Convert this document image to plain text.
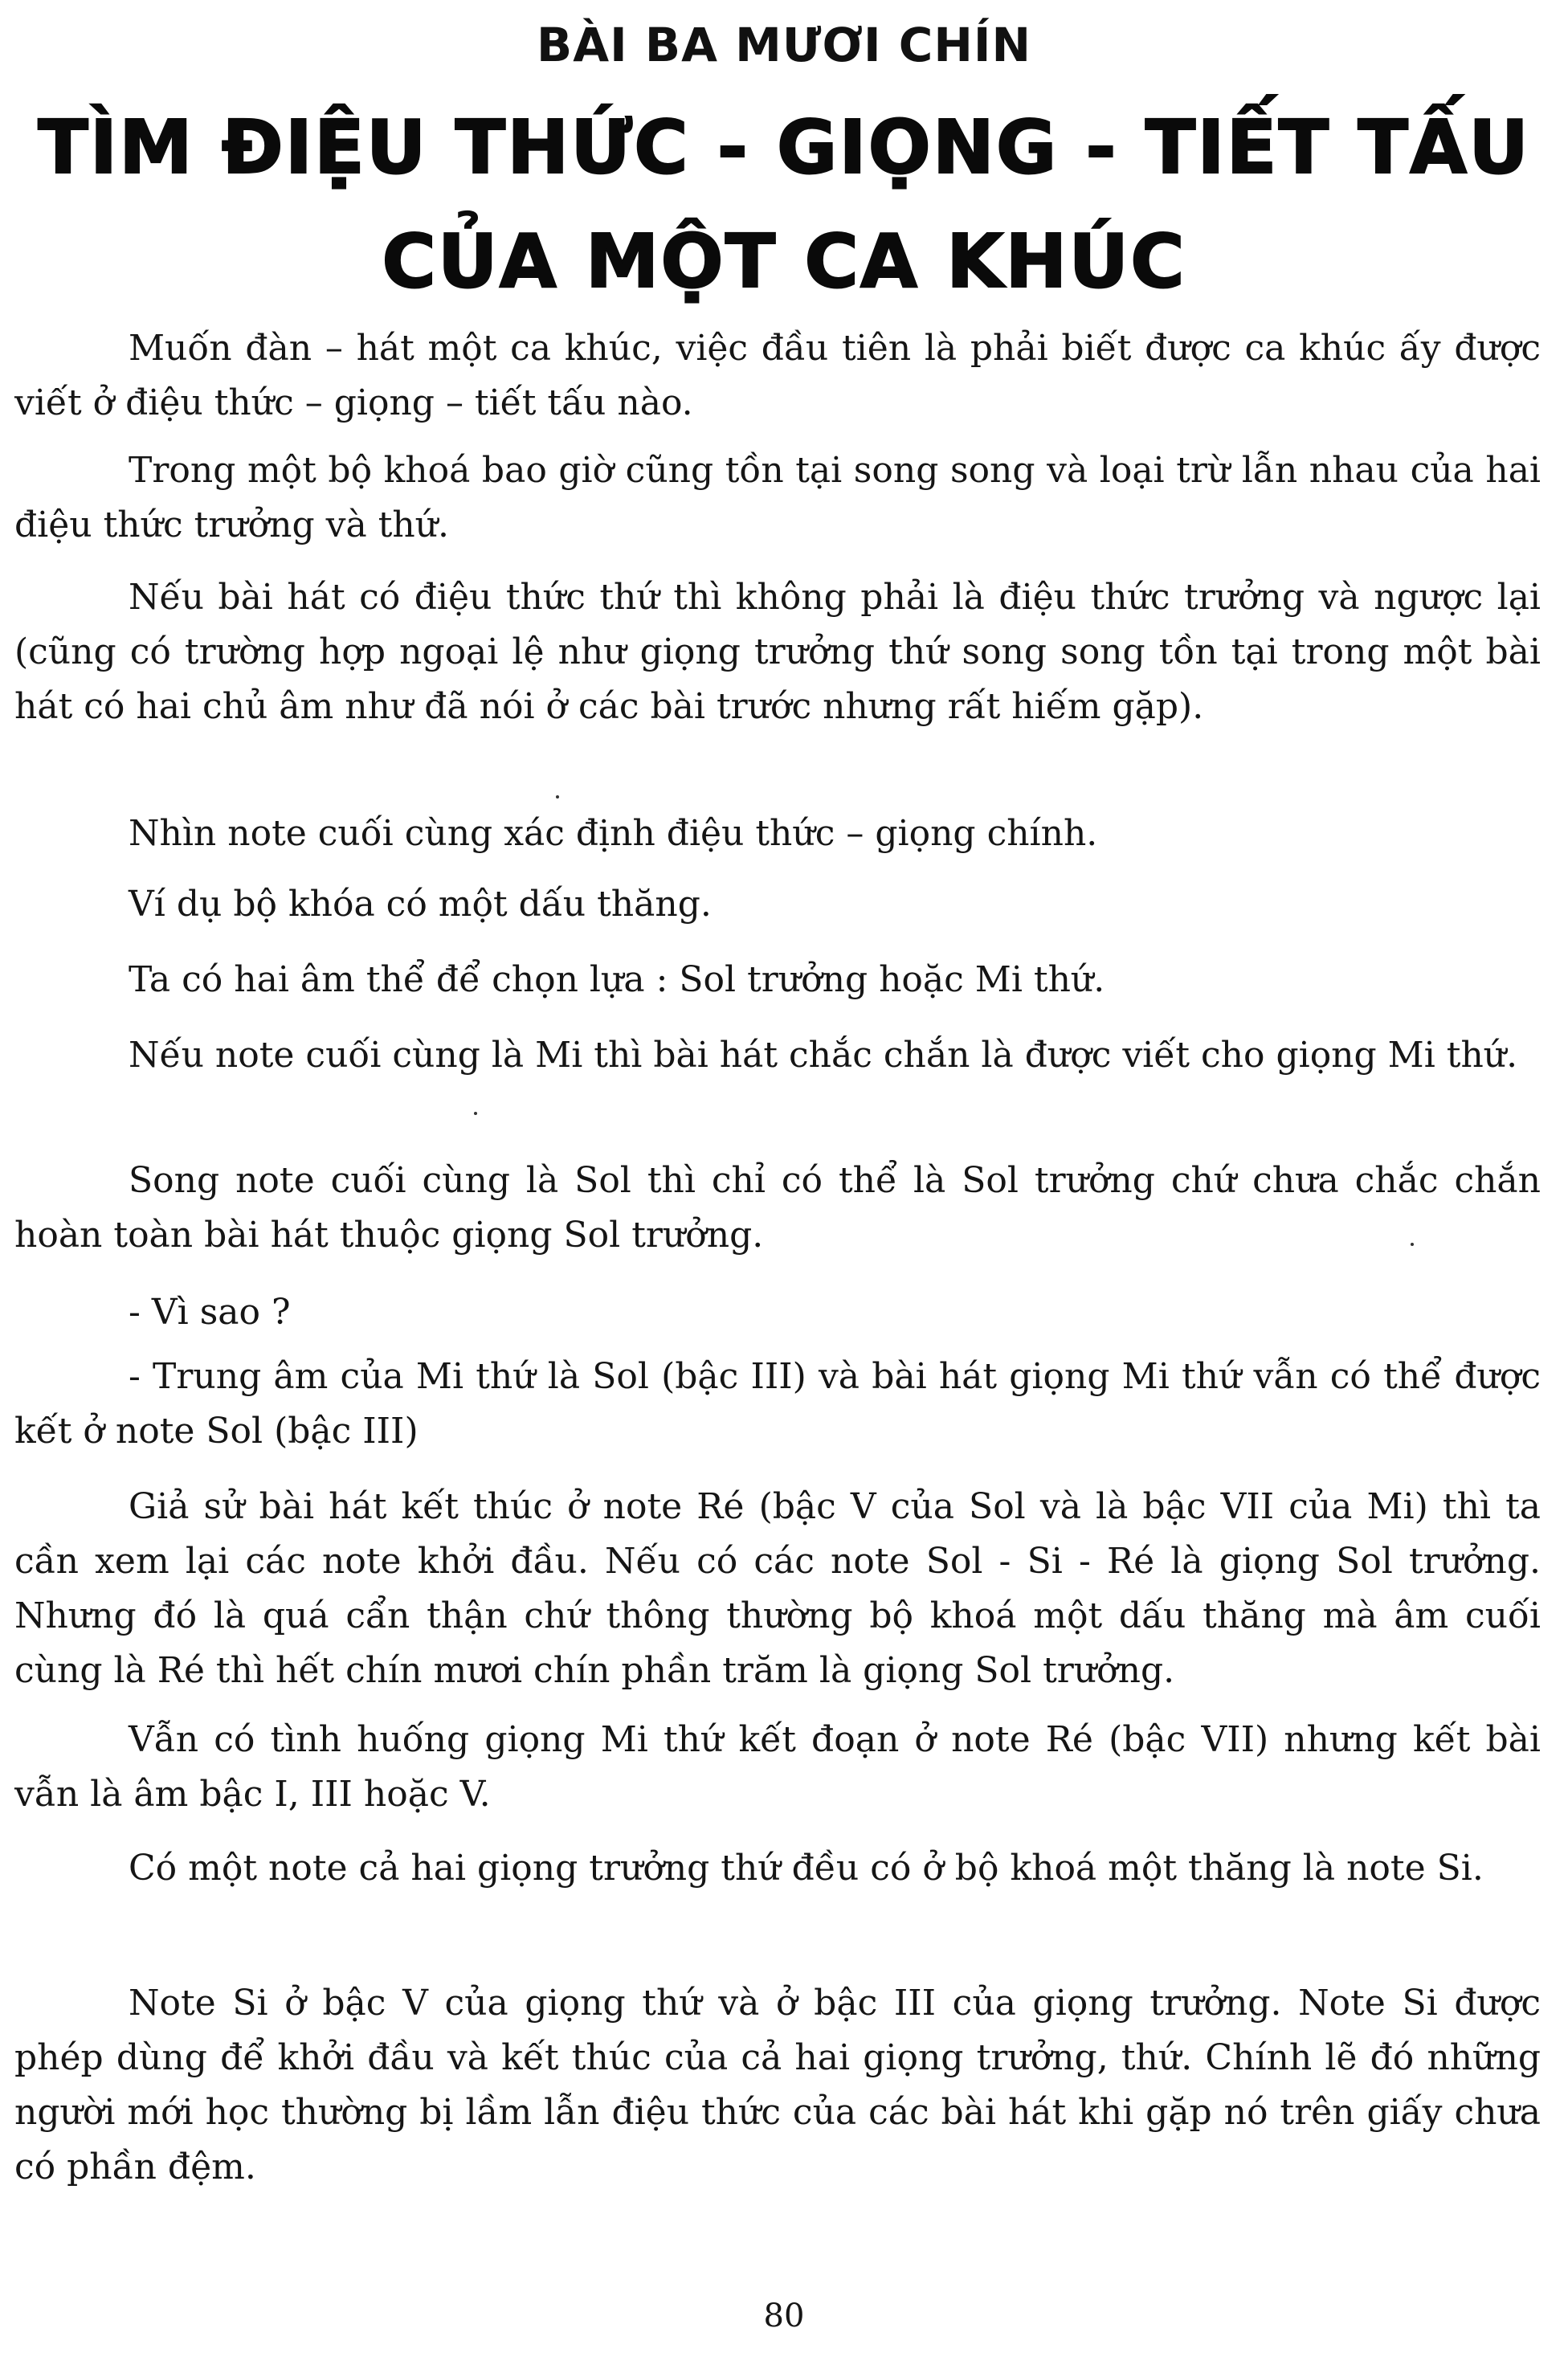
BÀI BA MƯƠI CHÍN
TÌM ĐIỆU THỨC - GIỌNG - TIẾT TẤU
CỦA MỘT CA KHÚC

Muốn đàn – hát một ca khúc, việc đầu tiên là phải biết được ca khúc ấy được viết ở điệu thức – giọng – tiết tấu nào.

Trong một bộ khoá bao giờ cũng tồn tại song song và loại trừ lẫn nhau của hai điệu thức trưởng và thứ.

Nếu bài hát có điệu thức thứ thì không phải là điệu thức trưởng và ngược lại (cũng có trường hợp ngoại lệ như giọng trưởng thứ song song tồn tại trong một bài hát có hai chủ âm như đã nói ở các bài trước nhưng rất hiếm gặp).

Nhìn note cuối cùng xác định điệu thức – giọng chính.

Ví dụ bộ khóa có một dấu thăng.

Ta có hai âm thể để chọn lựa : Sol trưởng hoặc Mi thứ.

Nếu note cuối cùng là Mi thì bài hát chắc chắn là được viết cho giọng Mi thứ.

Song note cuối cùng là Sol thì chỉ có thể là Sol trưởng chứ chưa chắc chắn hoàn toàn bài hát thuộc giọng Sol trưởng.

- Vì sao ?

- Trung âm của Mi thứ là Sol (bậc III) và bài hát giọng Mi thứ vẫn có thể được kết ở note Sol (bậc III)

Giả sử bài hát kết thúc ở note Ré (bậc V của Sol và là bậc VII của Mi) thì ta cần xem lại các note khởi đầu. Nếu có các note Sol - Si - Ré là giọng Sol trưởng. Nhưng đó là quá cẩn thận chứ thông thường bộ khoá một dấu thăng mà âm cuối cùng là Ré thì hết chín mươi chín phần trăm là giọng Sol trưởng.

Vẫn có tình huống giọng Mi thứ kết đoạn ở note Ré (bậc VII) nhưng kết bài vẫn là âm bậc I, III hoặc V.

Có một note cả hai giọng trưởng thứ đều có ở bộ khoá một thăng là note Si.

Note Si ở bậc V của giọng thứ và ở bậc III của giọng trưởng. Note Si được phép dùng để khởi đầu và kết thúc của cả hai giọng trưởng, thứ. Chính lẽ đó những người mới học thường bị lầm lẫn điệu thức của các bài hát khi gặp nó trên giấy chưa có phần đệm.

80
